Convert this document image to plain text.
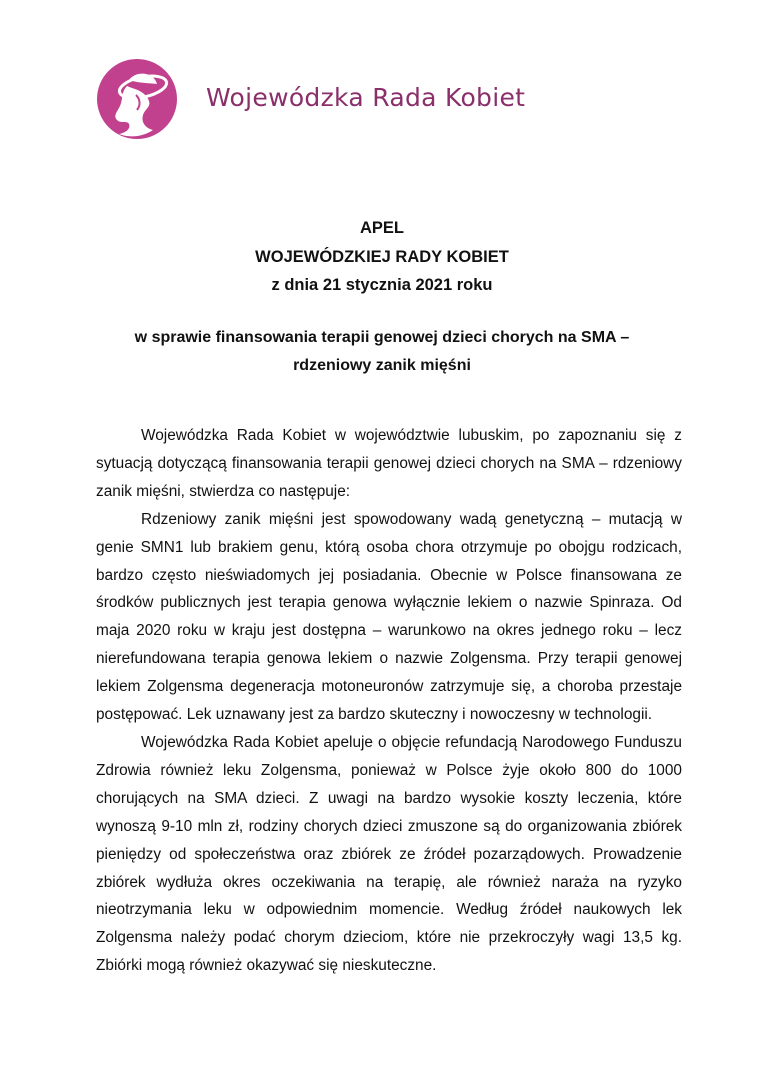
Wojewódzka Rada Kobiet
APEL
WOJEWÓDZKIEJ RADY KOBIET
z dnia 21 stycznia 2021 roku
w sprawie finansowania terapii genowej dzieci chorych na SMA – rdzeniowy zanik mięśni

Wojewódzka Rada Kobiet w województwie lubuskim, po zapoznaniu się z sytuacją dotyczącą finansowania terapii genowej dzieci chorych na SMA – rdzeniowy zanik mięśni, stwierdza co następuje:

Rdzeniowy zanik mięśni jest spowodowany wadą genetyczną – mutacją w genie SMN1 lub brakiem genu, którą osoba chora otrzymuje po obojgu rodzicach, bardzo często nieświadomych jej posiadania. Obecnie w Polsce finansowana ze środków publicznych jest terapia genowa wyłącznie lekiem o nazwie Spinraza. Od maja 2020 roku w kraju jest dostępna – warunkowo na okres jednego roku – lecz nierefundowana terapia genowa lekiem o nazwie Zolgensma. Przy terapii genowej lekiem Zolgensma degeneracja motoneuronów zatrzymuje się, a choroba przestaje postępować. Lek uznawany jest za bardzo skuteczny i nowoczesny w technologii.

Wojewódzka Rada Kobiet apeluje o objęcie refundacją Narodowego Funduszu Zdrowia również leku Zolgensma, ponieważ w Polsce żyje około 800 do 1000 chorujących na SMA dzieci. Z uwagi na bardzo wysokie koszty leczenia, które wynoszą 9-10 mln zł, rodziny chorych dzieci zmuszone są do organizowania zbiórek pieniędzy od społeczeństwa oraz zbiórek ze źródeł pozarządowych. Prowadzenie zbiórek wydłuża okres oczekiwania na terapię, ale również naraża na ryzyko nieotrzymania leku w odpowiednim momencie. Według źródeł naukowych lek Zolgensma należy podać chorym dzieciom, które nie przekroczyły wagi 13,5 kg. Zbiórki mogą również okazywać się nieskuteczne.
